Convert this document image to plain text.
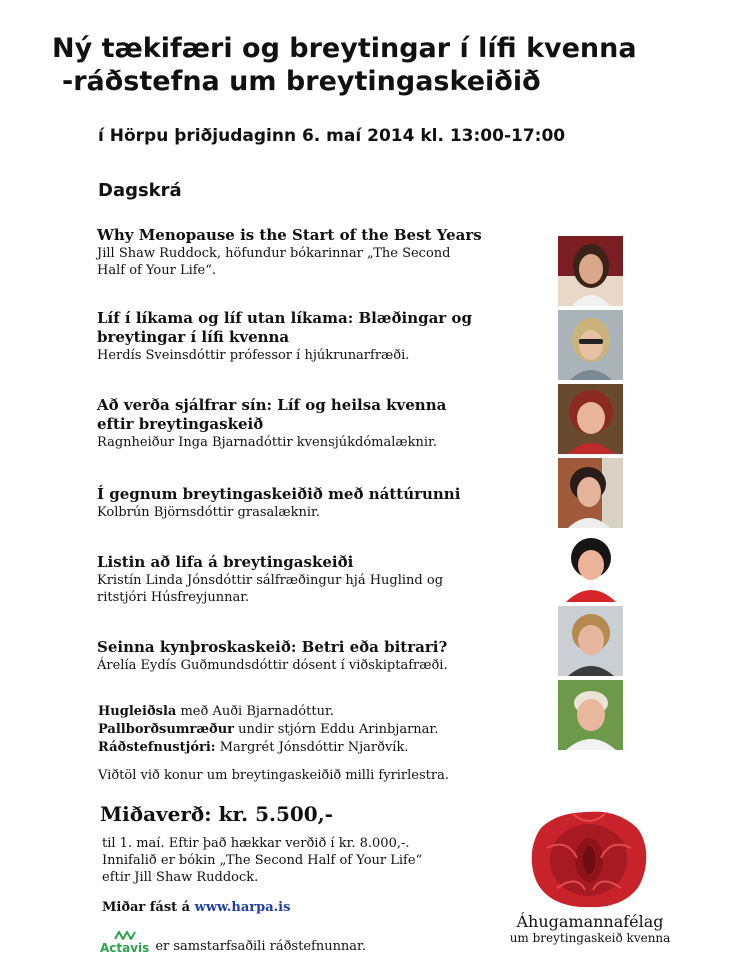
Ný tækifæri og breytingar í lífi kvenna
-ráðstefna um breytingaskeiðið
í Hörpu þriðjudaginn 6. maí 2014 kl. 13:00-17:00
Dagskrá
Why Menopause is the Start of the Best Years
Jill Shaw Ruddock, höfundur bókarinnar „The Second Half of Your Life“.
Líf í líkama og líf utan líkama: Blæðingar og breytingar í lífi kvenna
Herdís Sveinsdóttir prófessor í hjúkrunarfræði.
Að verða sjálfrar sín: Líf og heilsa kvenna eftir breytingaskeið
Ragnheiður Inga Bjarnadóttir kvensjúkdómalæknir.
Í gegnum breytingaskeiðið með náttúrunni
Kolbrún Björnsdóttir grasalæknir.
Listin að lifa á breytingaskeiði
Kristín Linda Jónsdóttir sálfræðingur hjá Huglind og ritstjóri Húsfreyjunnar.
Seinna kynþroskaskeið: Betri eða bitrari?
Árelía Eydís Guðmundsdóttir dósent í viðskiptafræði.
Hugleiðsla með Auði Bjarnadóttur.
Pallborðsumræður undir stjórn Eddu Arinbjarnar.
Ráðstefnustjóri: Margrét Jónsdóttir Njarðvík.
Viðtöl við konur um breytingaskeiðið milli fyrirlestra.
Miðaverð: kr. 5.500,-
til 1. maí. Eftir það hækkar verðið í kr. 8.000,-.
Innifalið er bókin „The Second Half of Your Life“
eftir Jill Shaw Ruddock.
Miðar fást á www.harpa.is
Actavis er samstarfsaðili ráðstefnunnar.
Áhugamannafélag
um breytingaskeið kvenna
